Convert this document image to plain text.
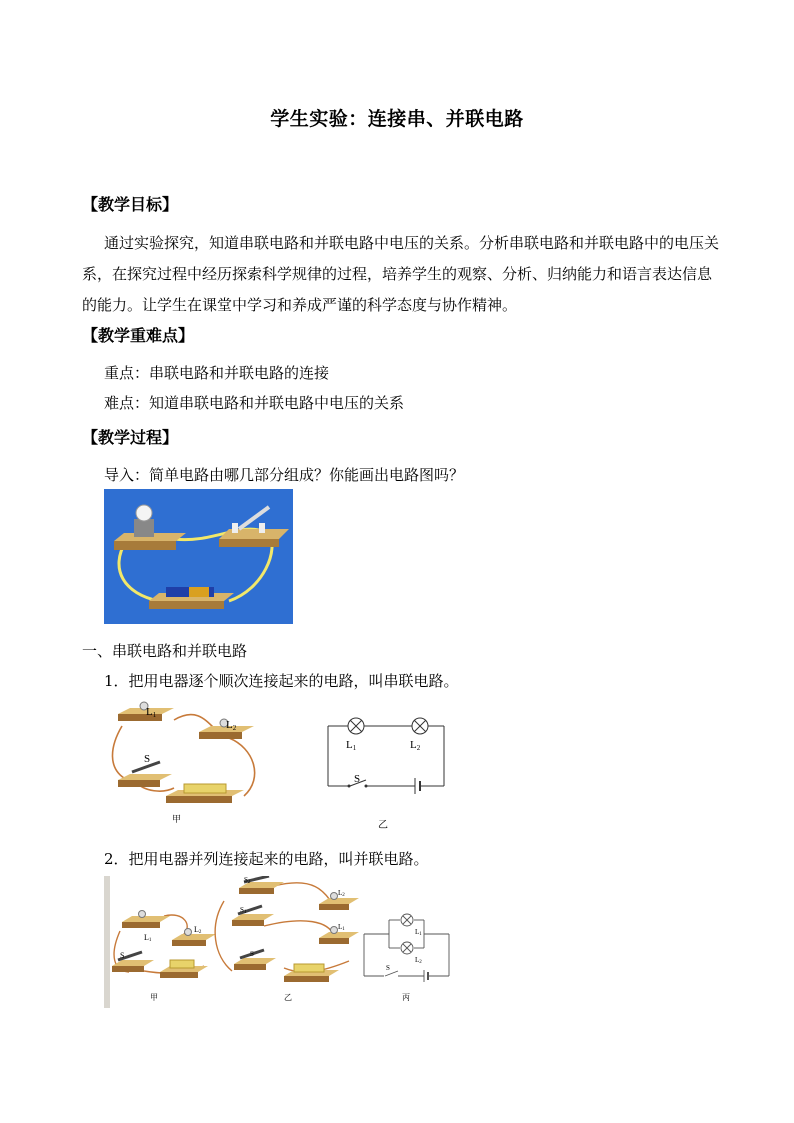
学生实验：连接串、并联电路
【教学目标】
通过实验探究，知道串联电路和并联电路中电压的关系。分析串联电路和并联电路中的电压关系，在探究过程中经历探索科学规律的过程，培养学生的观察、分析、归纳能力和语言表达信息的能力。让学生在课堂中学习和养成严谨的科学态度与协作精神。
【教学重难点】
重点：串联电路和并联电路的连接
难点：知道串联电路和并联电路中电压的关系
【教学过程】
导入：简单电路由哪几部分组成？你能画出电路图吗？
一、串联电路和并联电路
1．把用电器逐个顺次连接起来的电路，叫串联电路。
L1
L2
S
甲
L1	L2
S
乙
2．把用电器并列连接起来的电路，叫并联电路。
S
L1
L2
甲
S2
L2
S1
L1
S
乙
L1
L2
S
丙
